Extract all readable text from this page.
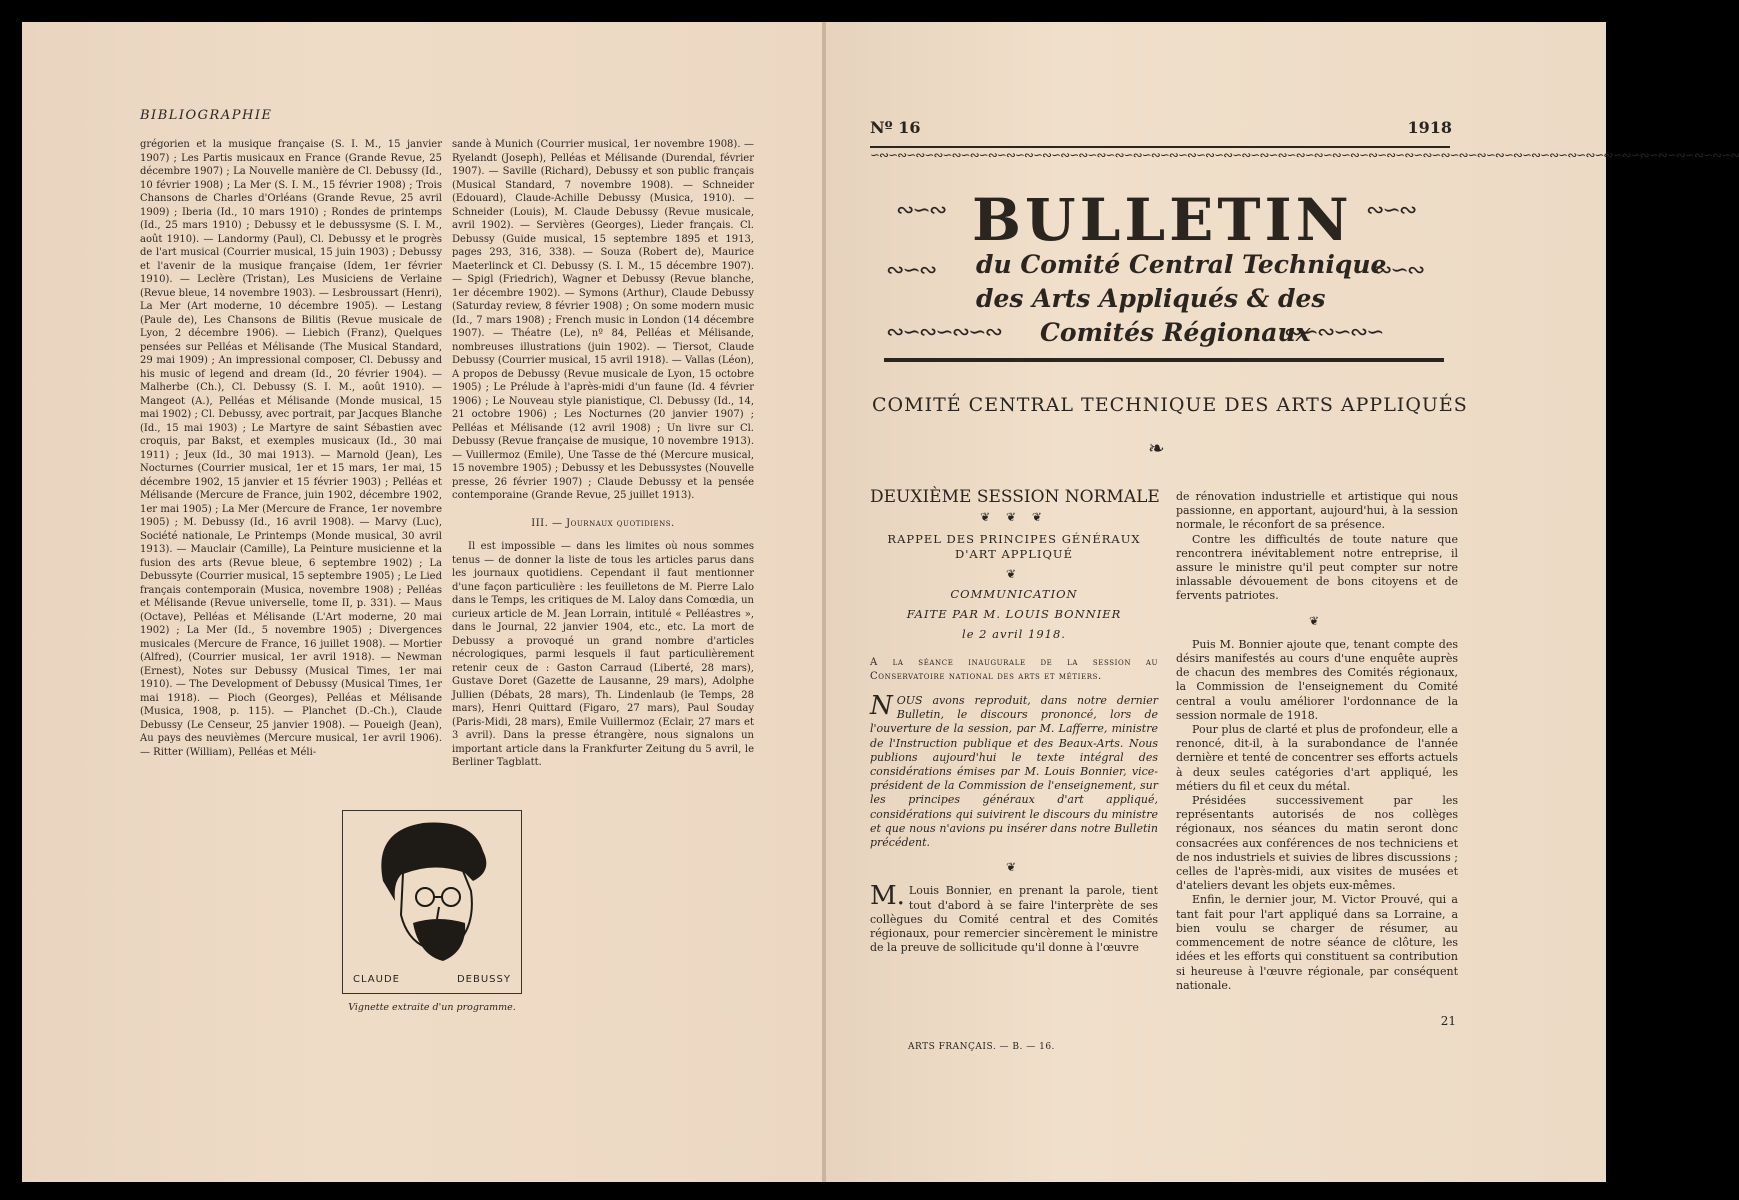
BIBLIOGRAPHIE

grégorien et la musique française (S. I. M., 15 janvier 1907) ; Les Partis musicaux en France (Grande Revue, 25 décembre 1907) ; La Nouvelle manière de Cl. Debussy (Id., 10 février 1908) ; La Mer (S. I. M., 15 février 1908) ; Trois Chansons de Charles d'Orléans (Grande Revue, 25 avril 1909) ; Iberia (Id., 10 mars 1910) ; Rondes de printemps (Id., 25 mars 1910) ; Debussy et le debussysme (S. I. M., août 1910). — Landormy (Paul), Cl. Debussy et le progrès de l'art musical (Courrier musical, 15 juin 1903) ; Debussy et l'avenir de la musique française (Idem, 1er février 1910). — Leclère (Tristan), Les Musiciens de Verlaine (Revue bleue, 14 novembre 1903). — Lesbroussart (Henri), La Mer (Art moderne, 10 décembre 1905). — Lestang (Paule de), Les Chansons de Bilitis (Revue musicale de Lyon, 2 décembre 1906). — Liebich (Franz), Quelques pensées sur Pelléas et Mélisande (The Musical Standard, 29 mai 1909) ; An impressional composer, Cl. Debussy and his music of legend and dream (Id., 20 février 1904). — Malherbe (Ch.), Cl. Debussy (S. I. M., août 1910). — Mangeot (A.), Pelléas et Mélisande (Monde musical, 15 mai 1902) ; Cl. Debussy, avec portrait, par Jacques Blanche (Id., 15 mai 1903) ; Le Martyre de saint Sébastien avec croquis, par Bakst, et exemples musicaux (Id., 30 mai 1911) ; Jeux (Id., 30 mai 1913). — Marnold (Jean), Les Nocturnes (Courrier musical, 1er et 15 mars, 1er mai, 15 décembre 1902, 15 janvier et 15 février 1903) ; Pelléas et Mélisande (Mercure de France, juin 1902, décembre 1902, 1er mai 1905) ; La Mer (Mercure de France, 1er novembre 1905) ; M. Debussy (Id., 16 avril 1908). — Marvy (Luc), Société nationale, Le Printemps (Monde musical, 30 avril 1913). — Mauclair (Camille), La Peinture musicienne et la fusion des arts (Revue bleue, 6 septembre 1902) ; La Debussyte (Courrier musical, 15 septembre 1905) ; Le Lied français contemporain (Musica, novembre 1908) ; Pelléas et Mélisande (Revue universelle, tome II, p. 331). — Maus (Octave), Pelléas et Mélisande (L'Art moderne, 20 mai 1902) ; La Mer (Id., 5 novembre 1905) ; Divergences musicales (Mercure de France, 16 juillet 1908). — Mortier (Alfred), (Courrier musical, 1er avril 1918). — Newman (Ernest), Notes sur Debussy (Musical Times, 1er mai 1910). — The Development of Debussy (Musical Times, 1er mai 1918). — Pioch (Georges), Pelléas et Mélisande (Musica, 1908, p. 115). — Planchet (D.-Ch.), Claude Debussy (Le Censeur, 25 janvier 1908). — Poueigh (Jean), Au pays des neuvièmes (Mercure musical, 1er avril 1906). — Ritter (William), Pelléas et Méli-

sande à Munich (Courrier musical, 1er novembre 1908). — Ryelandt (Joseph), Pelléas et Mélisande (Durendal, février 1907). — Saville (Richard), Debussy et son public français (Musical Standard, 7 novembre 1908). — Schneider (Edouard), Claude-Achille Debussy (Musica, 1910). — Schneider (Louis), M. Claude Debussy (Revue musicale, avril 1902). — Servières (Georges), Lieder français. Cl. Debussy (Guide musical, 15 septembre 1895 et 1913, pages 293, 316, 338). — Souza (Robert de), Maurice Maeterlinck et Cl. Debussy (S. I. M., 15 décembre 1907). — Spigl (Friedrich), Wagner et Debussy (Revue blanche, 1er décembre 1902). — Symons (Arthur), Claude Debussy (Saturday review, 8 février 1908) ; On some modern music (Id., 7 mars 1908) ; French music in London (14 décembre 1907). — Théatre (Le), nº 84, Pelléas et Mélisande, nombreuses illustrations (juin 1902). — Tiersot, Claude Debussy (Courrier musical, 15 avril 1918). — Vallas (Léon), A propos de Debussy (Revue musicale de Lyon, 15 octobre 1905) ; Le Prélude à l'après-midi d'un faune (Id. 4 février 1906) ; Le Nouveau style pianistique, Cl. Debussy (Id., 14, 21 octobre 1906) ; Les Nocturnes (20 janvier 1907) ; Pelléas et Mélisande (12 avril 1908) ; Un livre sur Cl. Debussy (Revue française de musique, 10 novembre 1913). — Vuillermoz (Emile), Une Tasse de thé (Mercure musical, 15 novembre 1905) ; Debussy et les Debussystes (Nouvelle presse, 26 février 1907) ; Claude Debussy et la pensée contemporaine (Grande Revue, 25 juillet 1913).

III. — Journaux quotidiens.

Il est impossible — dans les limites où nous sommes tenus — de donner la liste de tous les articles parus dans les journaux quotidiens. Cependant il faut mentionner d'une façon particulière : les feuilletons de M. Pierre Lalo dans le Temps, les critiques de M. Laloy dans Comœdia, un curieux article de M. Jean Lorrain, intitulé « Pelléastres », dans le Journal, 22 janvier 1904, etc., etc. La mort de Debussy a provoqué un grand nombre d'articles nécrologiques, parmi lesquels il faut particulièrement retenir ceux de : Gaston Carraud (Liberté, 28 mars), Gustave Doret (Gazette de Lausanne, 29 mars), Adolphe Jullien (Débats, 28 mars), Th. Lindenlaub (le Temps, 28 mars), Henri Quittard (Figaro, 27 mars), Paul Souday (Paris-Midi, 28 mars), Emile Vuillermoz (Eclair, 27 mars et 3 avril). Dans la presse étrangère, nous signalons un important article dans la Frankfurter Zeitung du 5 avril, le Berliner Tagblatt.

CLAUDE	DEBUSSY
Vignette extraite d'un programme.
Nº 16	1918
∽∾∽∾∽∾∽∾∽∾∽∾∽∾∽∾∽∾∽∾∽∾∽∾∽∾∽∾∽∾∽∾∽∾∽∾∽∾∽∾∽∾∽∾∽∾∽∾∽∾∽∾∽∾∽∾∽∾∽∾∽∾∽∾∽∾∽∾∽∾∽∾∽∾∽∾∽∾∽∾∽∾∽∾∽∾∽∾∽∾∽∾∽∾∽∾
∾∽∾	∾∽∾
BULLETIN
∾∽∾	∾∽∾
du Comité Central Technique
des Arts Appliqués & des
∾∽∾∽∾∽∾ Comités Régionaux
∾∽∾∽∾∽
COMITÉ CENTRAL TECHNIQUE DES ARTS APPLIQUÉS
❧
DEUXIÈME SESSION NORMALE
❦ ❦ ❦
RAPPEL DES PRINCIPES GÉNÉRAUX D'ART APPLIQUÉ
❦
COMMUNICATION
FAITE PAR M. LOUIS BONNIER
le 2 avril 1918.
A la séance inaugurale de la session au Conservatoire national des arts et métiers.

NOUS avons reproduit, dans notre dernier Bulletin, le discours prononcé, lors de l'ouverture de la session, par M. Lafferre, ministre de l'Instruction publique et des Beaux-Arts. Nous publions aujourd'hui le texte intégral des considérations émises par M. Louis Bonnier, vice-président de la Commission de l'enseignement, sur les principes généraux d'art appliqué, considérations qui suivirent le discours du ministre et que nous n'avions pu insérer dans notre Bulletin précédent.

❦

M. Louis Bonnier, en prenant la parole, tient tout d'abord à se faire l'interprète de ses collègues du Comité central et des Comités régionaux, pour remercier sincèrement le ministre de la preuve de sollicitude qu'il donne à l'œuvre

de rénovation industrielle et artistique qui nous passionne, en apportant, aujourd'hui, à la session normale, le réconfort de sa présence.

Contre les difficultés de toute nature que rencontrera inévitablement notre entreprise, il assure le ministre qu'il peut compter sur notre inlassable dévouement de bons citoyens et de fervents patriotes.

❦

Puis M. Bonnier ajoute que, tenant compte des désirs manifestés au cours d'une enquête auprès de chacun des membres des Comités régionaux, la Commission de l'enseignement du Comité central a voulu améliorer l'ordonnance de la session normale de 1918.

Pour plus de clarté et plus de profondeur, elle a renoncé, dit-il, à la surabondance de l'année dernière et tenté de concentrer ses efforts actuels à deux seules catégories d'art appliqué, les métiers du fil et ceux du métal.

Présidées successivement par les représentants autorisés de nos collèges régionaux, nos séances du matin seront donc consacrées aux conférences de nos techniciens et de nos industriels et suivies de libres discussions ; celles de l'après-midi, aux visites de musées et d'ateliers devant les objets eux-mêmes.

Enfin, le dernier jour, M. Victor Prouvé, qui a tant fait pour l'art appliqué dans sa Lorraine, a bien voulu se charger de résumer, au commencement de notre séance de clôture, les idées et les efforts qui constituent sa contribution si heureuse à l'œuvre régionale, par conséquent nationale.

21
ARTS FRANÇAIS. — B. — 16.
